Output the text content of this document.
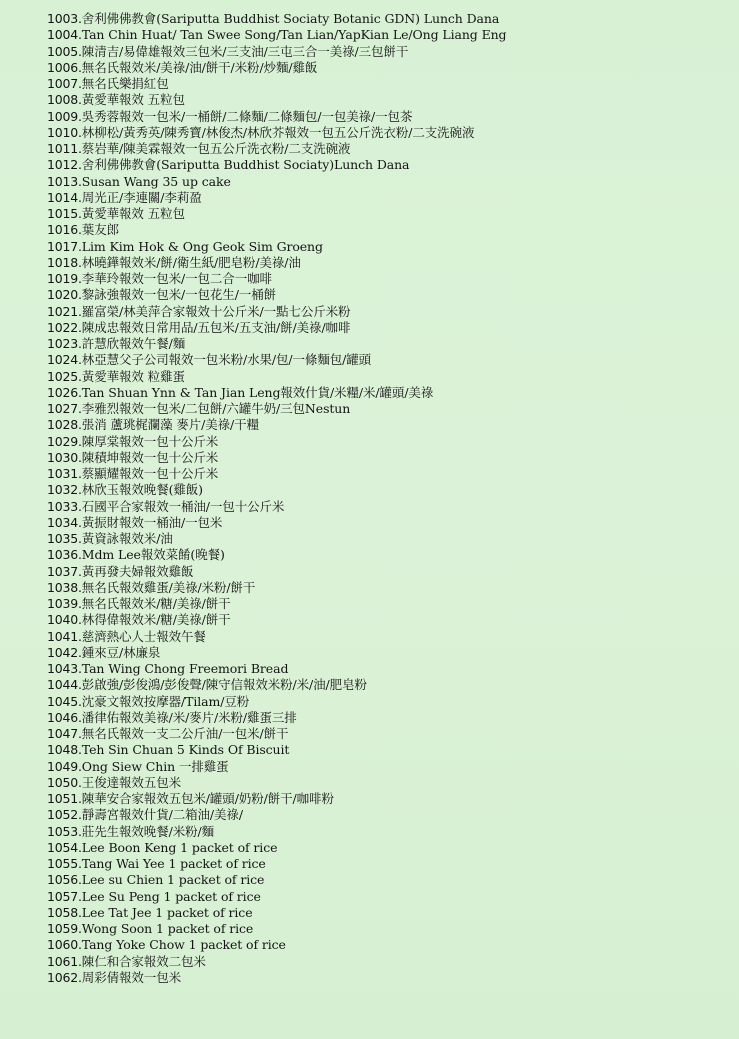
1003.舍利佛佛教會(Sariputta Buddhist Sociaty Botanic GDN) Lunch Dana
1004.Tan Chin Huat/ Tan Swee Song/Tan Lian/YapKian Le/Ong Liang Eng
1005.陳清吉/易偉雄報效三包米/三支油/三屯三合一美祿/三包餅干
1006.無名氏報效米/美祿/油/餅干/米粉/炒麵/雞飯
1007.無名氏樂捐紅包
1008.黃愛華報效 五粒包
1009.吳秀蓉報效一包米/一桶餅/二條麵/二條麵包/一包美祿/一包茶
1010.林柳松/黃秀英/陳秀寶/林俊杰/林欣芥報效一包五公斤洗衣粉/二支洗碗液
1011.蔡岩華/陳美霖報效一包五公斤洗衣粉/二支洗碗液
1012.舍利佛佛教會(Sariputta Buddhist Sociaty)Lunch Dana
1013.Susan Wang 35 up cake
1014.周光正/李連關/李莉盈
1015.黃愛華報效 五粒包
1016.葉友郎
1017.Lim Kim Hok & Ong Geok Sim Groeng
1018.林曉鏵報效米/餅/衛生紙/肥皂粉/美祿/油
1019.李華玲報效一包米/一包二合一咖啡
1020.黎詠強報效一包米/一包花生/一桶餅
1021.羅富榮/林美萍合家報效十公斤米/一點七公斤米粉
1022.陳成忠報效日常用品/五包米/五支油/餅/美祿/咖啡
1023.許慧欣報效午餐/麵
1024.林亞慧父子公司報效一包米粉/水果/包/一條麵包/罐頭
1025.黃愛華報效 粒雞蛋
1026.Tan Shuan Ynn & Tan Jian Leng報效什貨/米糧/米/罐頭/美祿
1027.李雅烈報效一包米/二包餅/六罐牛奶/三包Nestun
1028.張消 蘆珧梶瀾藻 麥片/美祿/干糧
1029.陳厚棠報效一包十公斤米
1030.陳積坤報效一包十公斤米
1031.蔡顯耀報效一包十公斤米
1032.林欣玉報效晚餐(雞飯)
1033.石國平合家報效一桶油/一包十公斤米
1034.黃振財報效一桶油/一包米
1035.黃資詠報效米/油
1036.Mdm Lee報效菜餚(晚餐)
1037.黃再發夫婦報效雞飯
1038.無名氏報效雞蛋/美祿/米粉/餅干
1039.無名氏報效米/糖/美祿/餅干
1040.林得偉報效米/糖/美祿/餅干
1041.慈濟熱心人士報效午餐
1042.鍾來豆/林廉泉
1043.Tan Wing Chong Freemori Bread
1044.彭啟強/彭俊鴻/彭俊聲/陳守信報效米粉/米/油/肥皂粉
1045.沈豪文報效按摩器/Tilam/豆粉
1046.潘律佑報效美祿/米/麥片/米粉/雞蛋三排
1047.無名氏報效一支二公斤油/一包米/餅干
1048.Teh Sin Chuan 5 Kinds Of Biscuit
1049.Ong Siew Chin 一排雞蛋
1050.王俊達報效五包米
1051.陳華安合家報效五包米/罐頭/奶粉/餅干/咖啡粉
1052.靜壽宮報效什貨/二箱油/美祿/
1053.莊先生報效晚餐/米粉/麵
1054.Lee Boon Keng 1 packet of rice
1055.Tang Wai Yee 1 packet of rice
1056.Lee su Chien 1 packet of rice
1057.Lee Su Peng 1 packet of rice
1058.Lee Tat Jee 1 packet of rice
1059.Wong Soon 1 packet of rice
1060.Tang Yoke Chow 1 packet of rice
1061.陳仁和合家報效二包米
1062.周彩倩報效一包米
